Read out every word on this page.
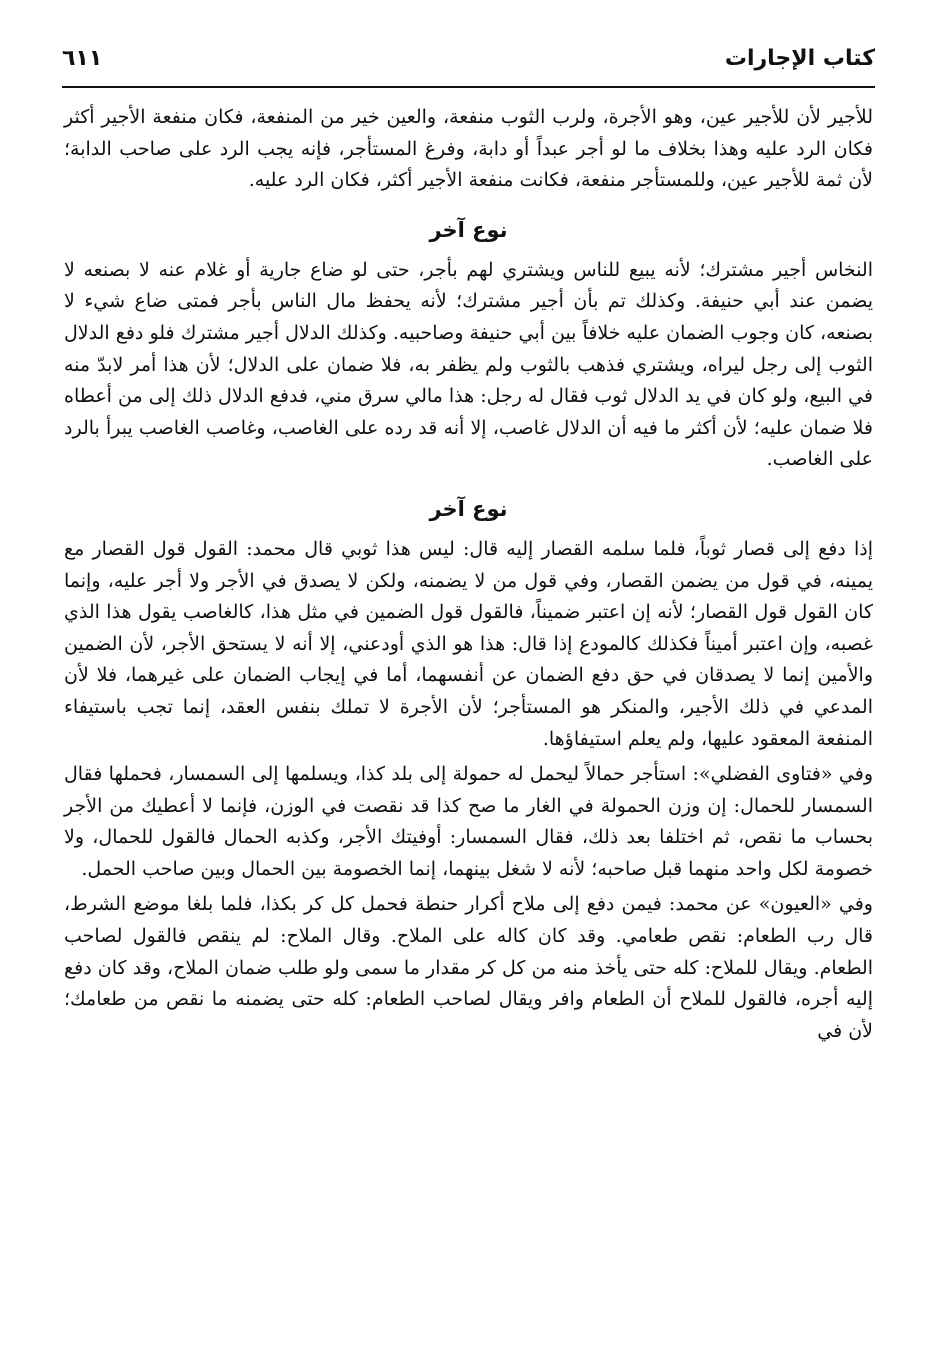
كتاب الإجارات
٦١١

للأجير لأن للأجير عين، وهو الأجرة، ولرب الثوب منفعة، والعين خير من المنفعة، فكان منفعة الأجير أكثر فكان الرد عليه وهذا بخلاف ما لو أجر عبداً أو دابة، وفرغ المستأجر، فإنه يجب الرد على صاحب الدابة؛ لأن ثمة للأجير عين، وللمستأجر منفعة، فكانت منفعة الأجير أكثر، فكان الرد عليه.

نوع آخر

النخاس أجير مشترك؛ لأنه يبيع للناس ويشتري لهم بأجر، حتى لو ضاع جارية أو غلام عنه لا بصنعه لا يضمن عند أبي حنيفة. وكذلك تم بأن أجير مشترك؛ لأنه يحفظ مال الناس بأجر فمتى ضاع شيء لا بصنعه، كان وجوب الضمان عليه خلافاً بين أبي حنيفة وصاحبيه. وكذلك الدلال أجير مشترك فلو دفع الدلال الثوب إلى رجل ليراه، ويشتري فذهب بالثوب ولم يظفر به، فلا ضمان على الدلال؛ لأن هذا أمر لابدّ منه في البيع، ولو كان في يد الدلال ثوب فقال له رجل: هذا مالي سرق مني، فدفع الدلال ذلك إلى من أعطاه فلا ضمان عليه؛ لأن أكثر ما فيه أن الدلال غاصب، إلا أنه قد رده على الغاصب، وغاصب الغاصب يبرأ بالرد على الغاصب.

نوع آخر

إذا دفع إلى قصار ثوباً، فلما سلمه القصار إليه قال: ليس هذا ثوبي قال محمد: القول قول القصار مع يمينه، في قول من يضمن القصار، وفي قول من لا يضمنه، ولكن لا يصدق في الأجر ولا أجر عليه، وإنما كان القول قول القصار؛ لأنه إن اعتبر ضميناً، فالقول قول الضمين في مثل هذا، كالغاصب يقول هذا الذي غصبه، وإن اعتبر أميناً فكذلك كالمودع إذا قال: هذا هو الذي أودعني، إلا أنه لا يستحق الأجر، لأن الضمين والأمين إنما لا يصدقان في حق دفع الضمان عن أنفسهما، أما في إيجاب الضمان على غيرهما، فلا لأن المدعي في ذلك الأجير، والمنكر هو المستأجر؛ لأن الأجرة لا تملك بنفس العقد، إنما تجب باستيفاء المنفعة المعقود عليها، ولم يعلم استيفاؤها.

وفي «فتاوى الفضلي»: استأجر حمالاً ليحمل له حمولة إلى بلد كذا، ويسلمها إلى السمسار، فحملها فقال السمسار للحمال: إن وزن الحمولة في الغار ما صح كذا قد نقصت في الوزن، فإنما لا أعطيك من الأجر بحساب ما نقص، ثم اختلفا بعد ذلك، فقال السمسار: أوفيتك الأجر، وكذبه الحمال فالقول للحمال، ولا خصومة لكل واحد منهما قبل صاحبه؛ لأنه لا شغل بينهما، إنما الخصومة بين الحمال وبين صاحب الحمل.

وفي «العيون» عن محمد: فيمن دفع إلى ملاح أكرار حنطة فحمل كل كر بكذا، فلما بلغا موضع الشرط، قال رب الطعام: نقص طعامي. وقد كان كاله على الملاح. وقال الملاح: لم ينقص فالقول لصاحب الطعام. ويقال للملاح: كله حتى يأخذ منه من كل كر مقدار ما سمى ولو طلب ضمان الملاح، وقد كان دفع إليه أجره، فالقول للملاح أن الطعام وافر ويقال لصاحب الطعام: كله حتى يضمنه ما نقص من طعامك؛ لأن في
